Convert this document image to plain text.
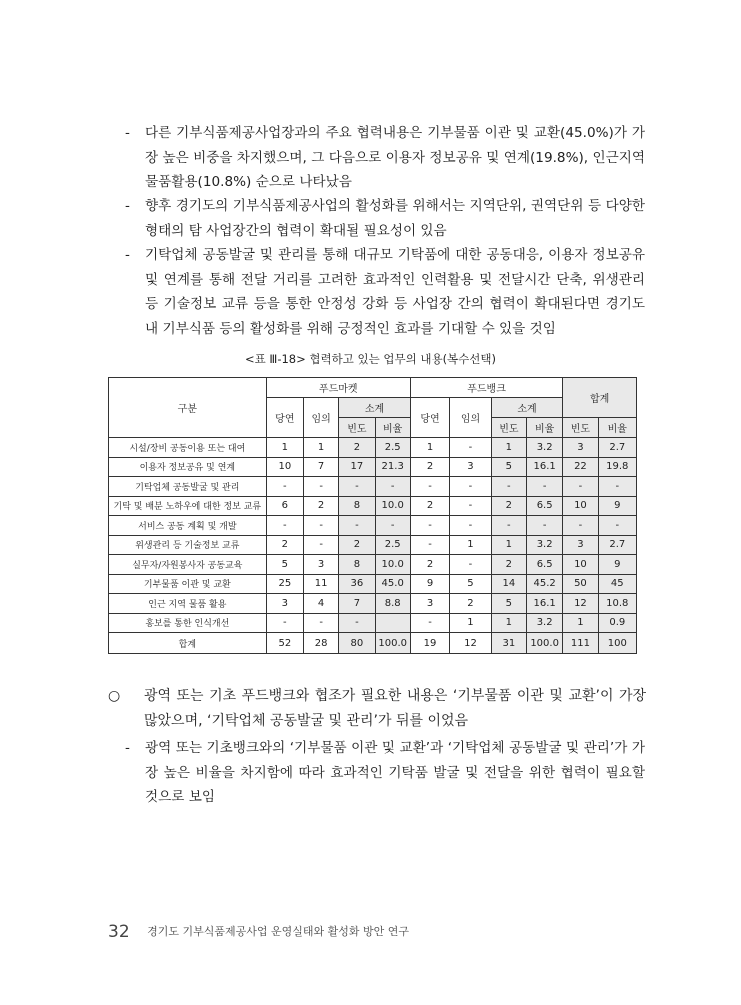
-	다른 기부식품제공사업장과의 주요 협력내용은 기부물품 이관 및 교환(45.0%)가 가장 높은 비중을 차지했으며, 그 다음으로 이용자 정보공유 및 연계(19.8%), 인근지역 물품활용(10.8%) 순으로 나타났음
-	향후 경기도의 기부식품제공사업의 활성화를 위해서는 지역단위, 권역단위 등 다양한 형태의 탐 사업장간의 협력이 확대될 필요성이 있음
-	기탁업체 공동발굴 및 관리를 통해 대규모 기탁품에 대한 공동대응, 이용자 정보공유 및 연계를 통해 전달 거리를 고려한 효과적인 인력활용 및 전달시간 단축, 위생관리 등 기술정보 교류 등을 통한 안정성 강화 등 사업장 간의 협력이 확대된다면 경기도 내 기부식품 등의 활성화를 위해 긍정적인 효과를 기대할 수 있을 것임
<표 Ⅲ-18> 협력하고 있는 업무의 내용(복수선택)
구분	푸드마켓				푸드뱅크				합계	
	당연	임의	소계		당연	임의	소계			
			빈도	비율			빈도	비율	빈도	비율
시설/장비 공동이용 또는 대여	1	1	2	2.5	1	-	1	3.2	3	2.7
이용자 정보공유 및 연계	10	7	17	21.3	2	3	5	16.1	22	19.8
기탁업체 공동발굴 및 관리	-	-	-	-	-	-	-	-	-	-
기탁 및 배분 노하우에 대한 정보 교류	6	2	8	10.0	2	-	2	6.5	10	9
서비스 공동 계획 및 개발	-	-	-	-	-	-	-	-	-	-
위생관리 등 기술정보 교류	2	-	2	2.5	-	1	1	3.2	3	2.7
실무자/자원봉사자 공동교육	5	3	8	10.0	2	-	2	6.5	10	9
기부물품 이관 및 교환	25	11	36	45.0	9	5	14	45.2	50	45
인근 지역 물품 활용	3	4	7	8.8	3	2	5	16.1	12	10.8
홍보를 통한 인식개선	-	-	-		-	1	1	3.2	1	0.9
합계	52	28	80	100.0	19	12	31	100.0	111	100
○	광역 또는 기초 푸드뱅크와 협조가 필요한 내용은 ‘기부물품 이관 및 교환’이 가장 많았으며, ‘기탁업체 공동발굴 및 관리’가 뒤를 이었음
-	광역 또는 기초뱅크와의 ‘기부물품 이관 및 교환’과 ‘기탁업체 공동발굴 및 관리’가 가장 높은 비율을 차지함에 따라 효과적인 기탁품 발굴 및 전달을 위한 협력이 필요할 것으로 보임
32 경기도 기부식품제공사업 운영실태와 활성화 방안 연구
